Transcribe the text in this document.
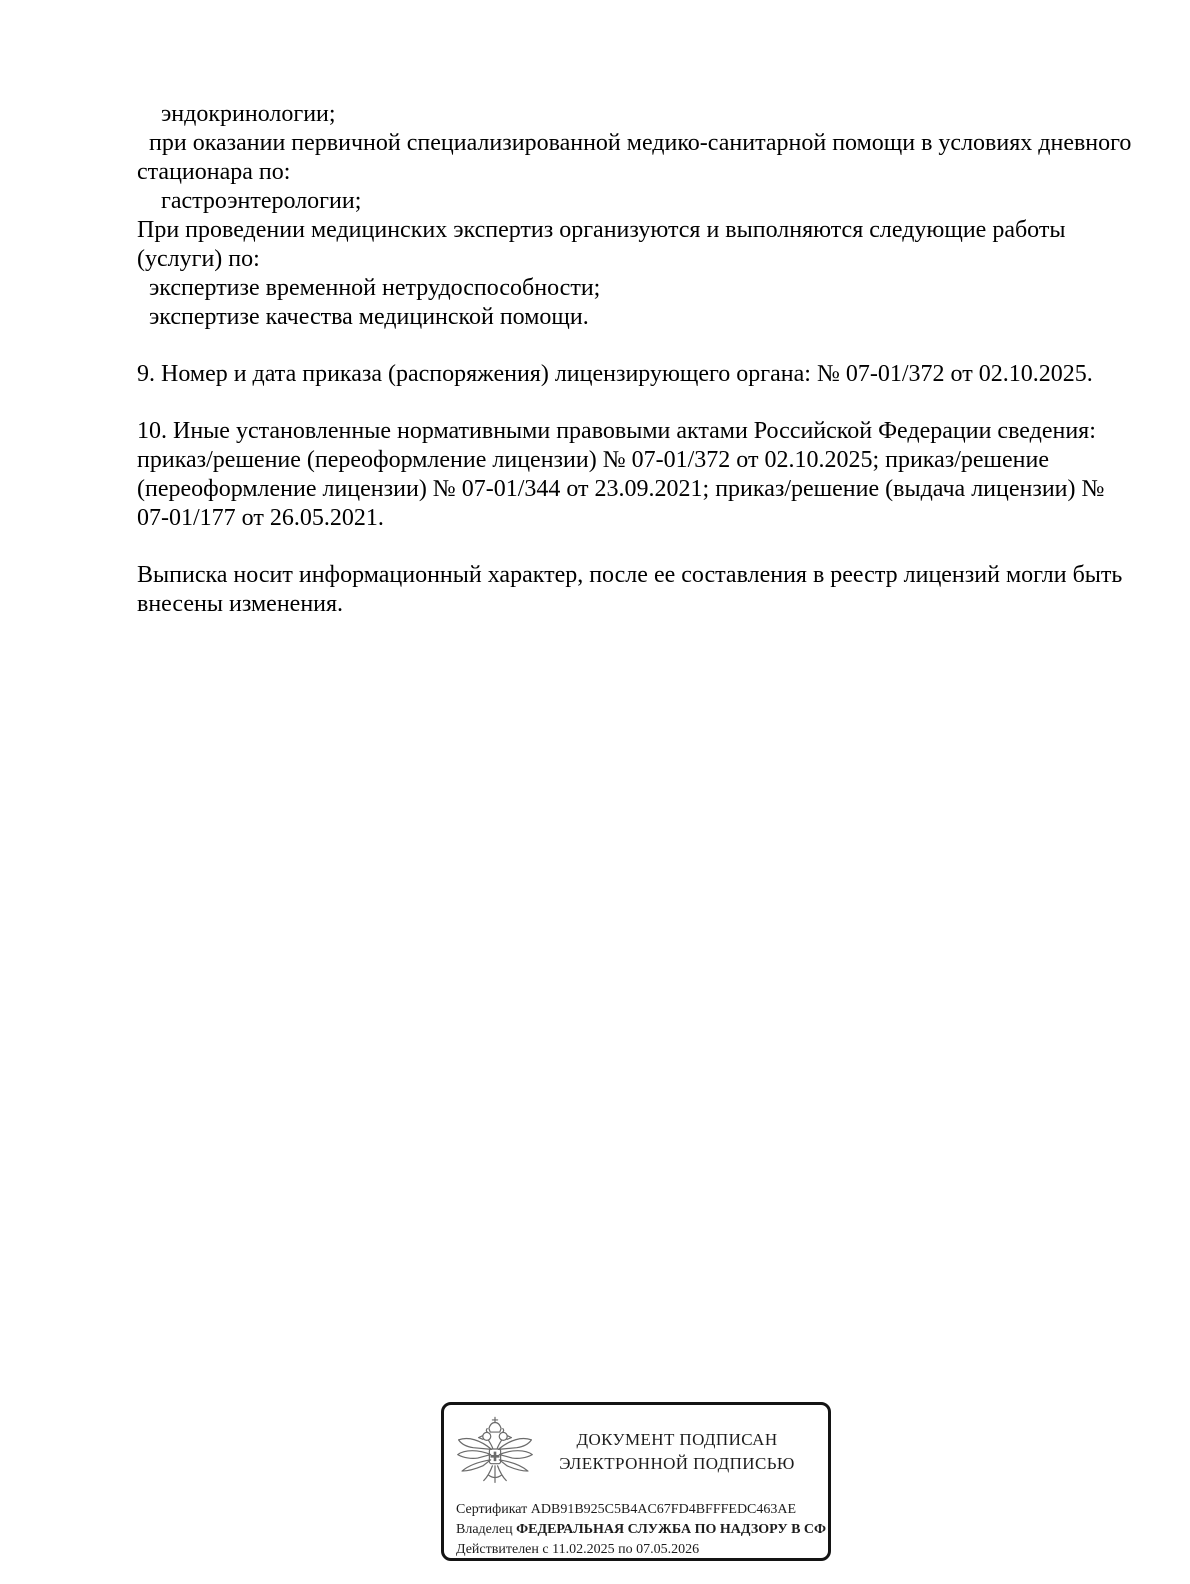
эндокринологии;
при оказании первичной специализированной медико-санитарной помощи в условиях дневного
стационара по:
гастроэнтерологии;
При проведении медицинских экспертиз организуются и выполняются следующие работы
(услуги) по:
экспертизе временной нетрудоспособности;
экспертизе качества медицинской помощи.
9. Номер и дата приказа (распоряжения) лицензирующего органа: № 07-01/372 от 02.10.2025.
10. Иные установленные нормативными правовыми актами Российской Федерации сведения:
приказ/решение (переоформление лицензии) № 07-01/372 от 02.10.2025; приказ/решение
(переоформление лицензии) № 07-01/344 от 23.09.2021; приказ/решение (выдача лицензии) №
07-01/177 от 26.05.2021.
Выписка носит информационный характер, после ее составления в реестр лицензий могли быть
внесены изменения.
ДОКУМЕНТ ПОДПИСАН
ЭЛЕКТРОННОЙ ПОДПИСЬЮ
Сертификат ADB91B925C5B4AC67FD4BFFFEDC463AE
Владелец ФЕДЕРАЛЬНАЯ СЛУЖБА ПО НАДЗОРУ В СФ
Действителен с 11.02.2025 по 07.05.2026
